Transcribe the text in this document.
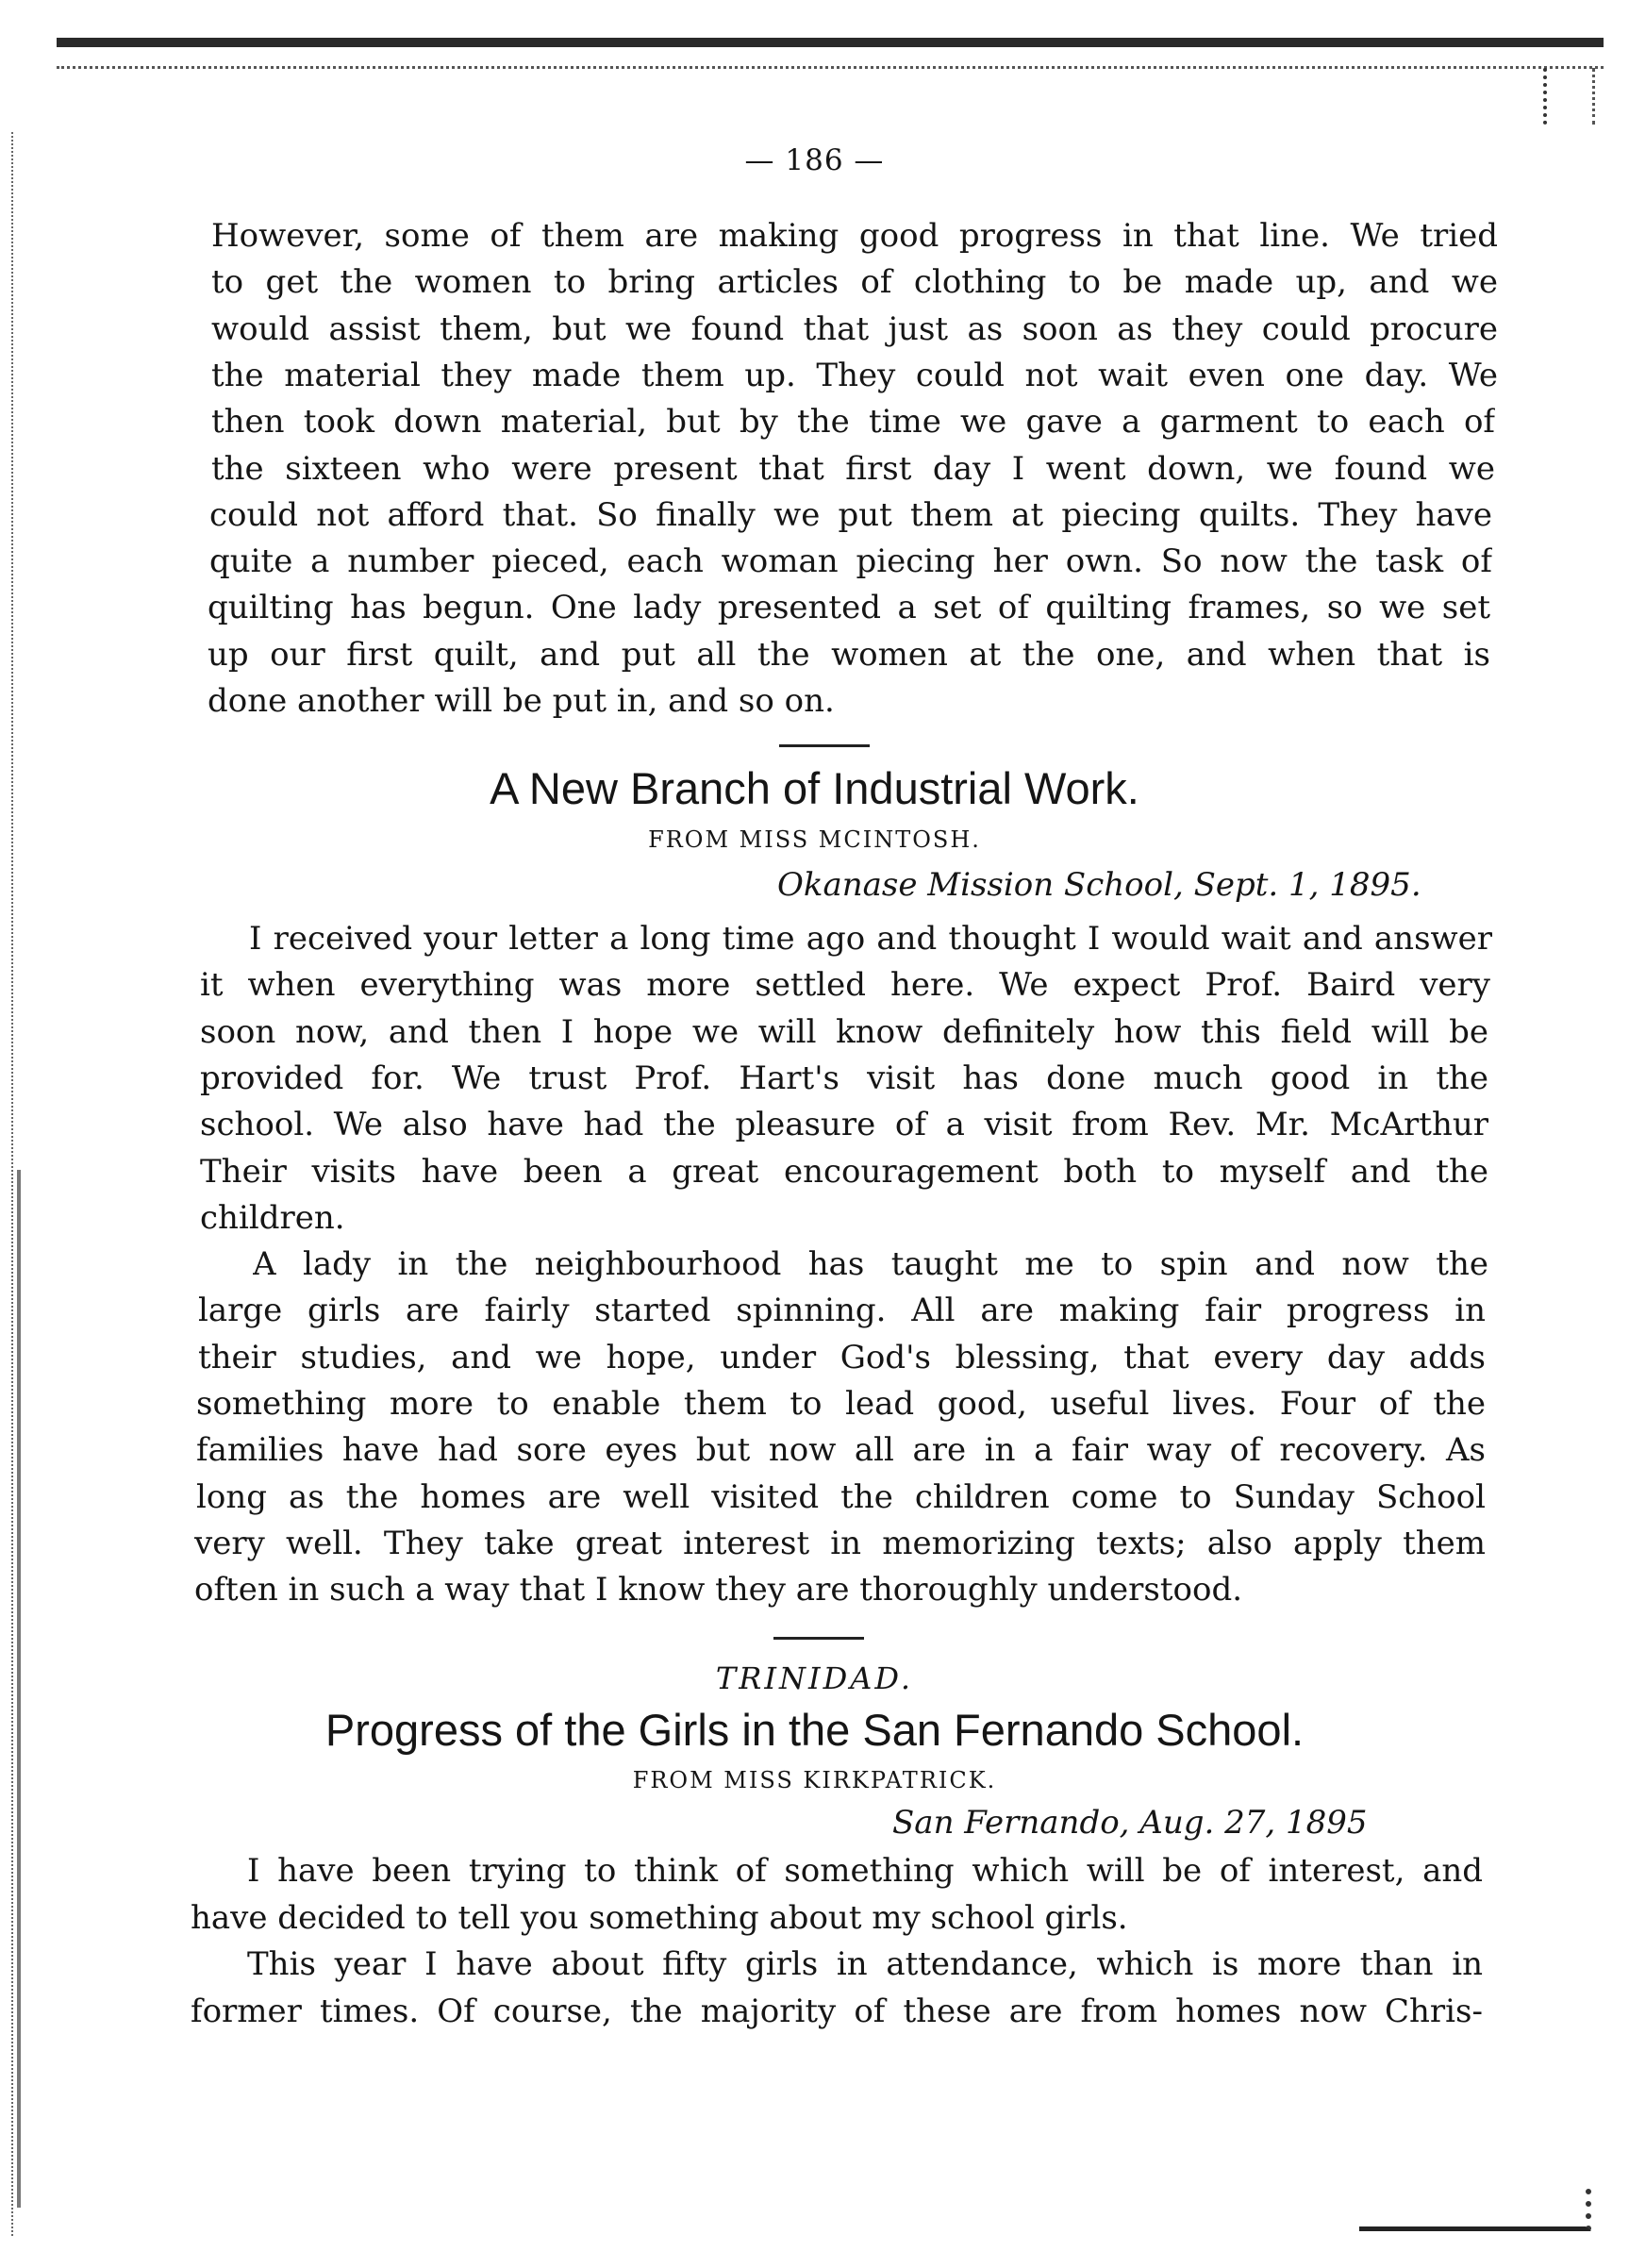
— 186 —
However, some of them are making good progress in that line. We tried
to get the women to bring articles of clothing to be made up, and we
would assist them, but we found that just as soon as they could procure
the material they made them up. They could not wait even one day. We
then took down material, but by the time we gave a garment to each of
the sixteen who were present that first day I went down, we found we
could not afford that. So finally we put them at piecing quilts. They have
quite a number pieced, each woman piecing her own. So now the task of
quilting has begun. One lady presented a set of quilting frames, so we set
up our first quilt, and put all the women at the one, and when that is
done another will be put in, and so on.
A New Branch of Industrial Work.
FROM MISS MCINTOSH.
Okanase Mission School, Sept. 1, 1895.
I received your letter a long time ago and thought I would wait and answer
it when everything was more settled here. We expect Prof. Baird very
soon now, and then I hope we will know definitely how this field will be
provided for. We trust Prof. Hart's visit has done much good in the
school. We also have had the pleasure of a visit from Rev. Mr. McArthur
Their visits have been a great encouragement both to myself and the
children.
A lady in the neighbourhood has taught me to spin and now the
large girls are fairly started spinning. All are making fair progress in
their studies, and we hope, under God's blessing, that every day adds
something more to enable them to lead good, useful lives. Four of the
families have had sore eyes but now all are in a fair way of recovery. As
long as the homes are well visited the children come to Sunday School
very well. They take great interest in memorizing texts; also apply them
often in such a way that I know they are thoroughly understood.
TRINIDAD.
Progress of the Girls in the San Fernando School.
FROM MISS KIRKPATRICK.
San Fernando, Aug. 27, 1895
I have been trying to think of something which will be of interest, and
have decided to tell you something about my school girls.
This year I have about fifty girls in attendance, which is more than in
former times. Of course, the majority of these are from homes now Chris-
